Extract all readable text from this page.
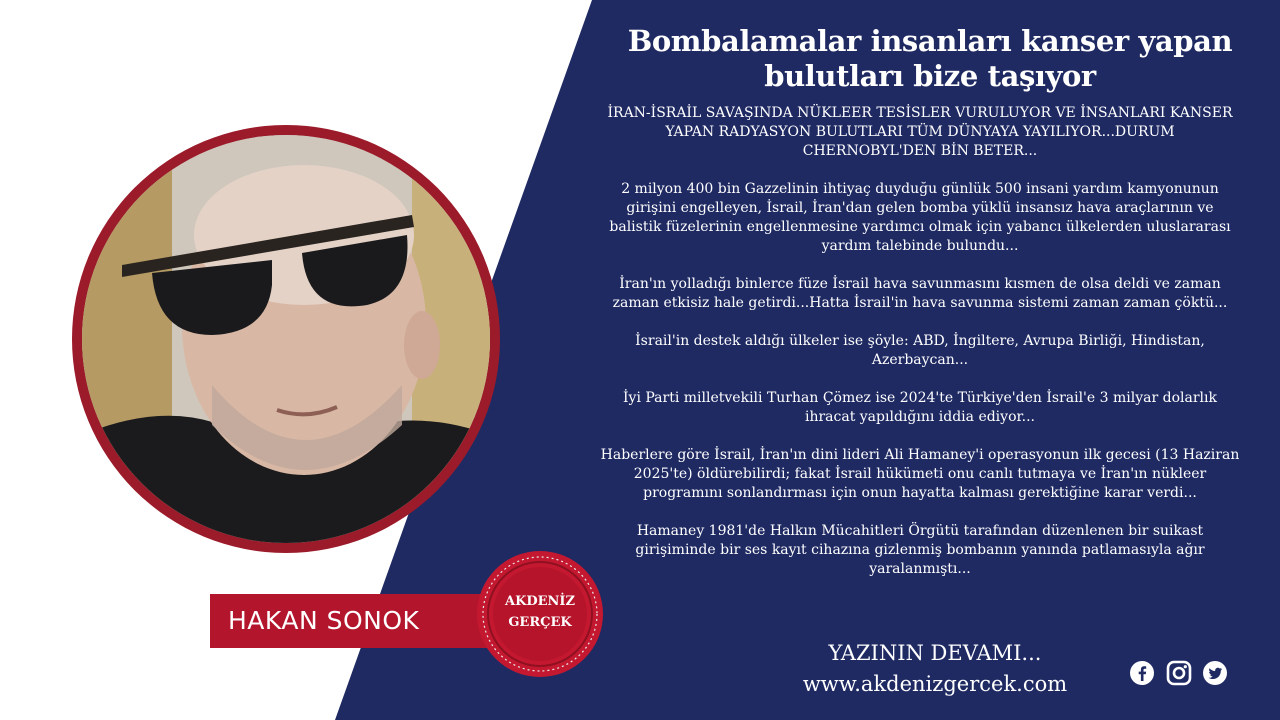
Bombalamalar insanları kanser yapan
bulutları bize taşıyor

İRAN-İSRAİL SAVAŞINDA NÜKLEER TESİSLER VURULUYOR VE İNSANLARI KANSER YAPAN RADYASYON BULUTLARI TÜM DÜNYAYA YAYILIYOR...DURUM CHERNOBYL'DEN BİN BETER...

2 milyon 400 bin Gazzelinin ihtiyaç duyduğu günlük 500 insani yardım kamyonunun girişini engelleyen, İsrail, İran'dan gelen bomba yüklü insansız hava araçlarının ve balistik füzelerinin engellenmesine yardımcı olmak için yabancı ülkelerden uluslararası yardım talebinde bulundu...

İran'ın yolladığı binlerce füze İsrail hava savunmasını kısmen de olsa deldi ve zaman zaman etkisiz hale getirdi...Hatta İsrail'in hava savunma sistemi zaman zaman çöktü...

İsrail'in destek aldığı ülkeler ise şöyle: ABD, İngiltere, Avrupa Birliği, Hindistan, Azerbaycan...

İyi Parti milletvekili Turhan Çömez ise 2024'te Türkiye'den İsrail'e 3 milyar dolarlık ihracat yapıldığını iddia ediyor...

Haberlere göre İsrail, İran'ın dini lideri Ali Hamaney'i operasyonun ilk gecesi (13 Haziran 2025'te) öldürebilirdi; fakat İsrail hükümeti onu canlı tutmaya ve İran'ın nükleer programını sonlandırması için onun hayatta kalması gerektiğine karar verdi...

Hamaney 1981'de Halkın Mücahitleri Örgütü tarafından düzenlenen bir suikast girişiminde bir ses kayıt cihazına gizlenmiş bombanın yanında patlamasıyla ağır yaralanmıştı...

HAKAN SONOK
AKDENİZ
GERÇEK
YAZININ DEVAMI...
www.akdenizgercek.com
